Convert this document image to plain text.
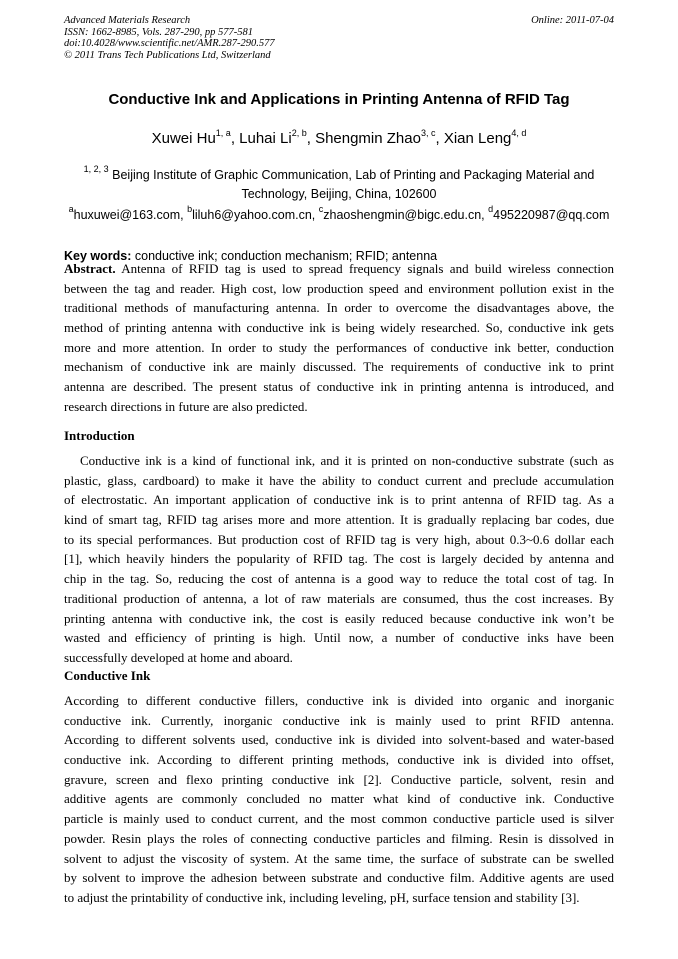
Advanced Materials Research
ISSN: 1662-8985, Vols. 287-290, pp 577-581
doi:10.4028/www.scientific.net/AMR.287-290.577
© 2011 Trans Tech Publications Ltd, Switzerland
Online: 2011-07-04
Conductive Ink and Applications in Printing Antenna of RFID Tag
Xuwei Hu$^{1, a}$, Luhai Li$^{2, b}$, Shengmin Zhao$^{3, c}$, Xian Leng$^{4, d}$
$^{1, 2, 3}$ Beijing Institute of Graphic Communication, Lab of Printing and Packaging Material and
Technology, Beijing, China, 102600
$^a$huxuwei@163.com, $^b$liluh6@yahoo.com.cn, $^c$zhaoshengmin@bigc.edu.cn, $^d$495220987@qq.com
Key words: conductive ink; conduction mechanism; RFID; antenna
Abstract. Antenna of RFID tag is used to spread frequency signals and build wireless connection
between the tag and reader. High cost, low production speed and environment pollution exist in the
traditional methods of manufacturing antenna. In order to overcome the disadvantages above, the
method of printing antenna with conductive ink is being widely researched. So, conductive ink gets
more and more attention. In order to study the performances of conductive ink better, conduction
mechanism of conductive ink are mainly discussed. The requirements of conductive ink to print
antenna are described. The present status of conductive ink in printing antenna is introduced, and
research directions in future are also predicted.
Introduction
Conductive ink is a kind of functional ink, and it is printed on non-conductive substrate (such as
plastic, glass, cardboard) to make it have the ability to conduct current and preclude accumulation
of electrostatic. An important application of conductive ink is to print antenna of RFID tag. As a
kind of smart tag, RFID tag arises more and more attention. It is gradually replacing bar codes, due
to its special performances. But production cost of RFID tag is very high, about 0.3~0.6 dollar each
[1], which heavily hinders the popularity of RFID tag. The cost is largely decided by antenna and
chip in the tag. So, reducing the cost of antenna is a good way to reduce the total cost of tag. In
traditional production of antenna, a lot of raw materials are consumed, thus the cost increases. By
printing antenna with conductive ink, the cost is easily reduced because conductive ink won’t be
wasted and efficiency of printing is high. Until now, a number of conductive inks have been
successfully developed at home and aboard.
Conductive Ink
According to different conductive fillers, conductive ink is divided into organic and inorganic
conductive ink. Currently, inorganic conductive ink is mainly used to print RFID antenna.
According to different solvents used, conductive ink is divided into solvent-based and water-based
conductive ink. According to different printing methods, conductive ink is divided into offset,
gravure, screen and flexo printing conductive ink [2]. Conductive particle, solvent, resin and
additive agents are commonly concluded no matter what kind of conductive ink. Conductive
particle is mainly used to conduct current, and the most common conductive particle used is silver
powder. Resin plays the roles of connecting conductive particles and filming. Resin is dissolved in
solvent to adjust the viscosity of system. At the same time, the surface of substrate can be swelled
by solvent to improve the adhesion between substrate and conductive film. Additive agents are used
to adjust the printability of conductive ink, including leveling, pH, surface tension and stability [3].
